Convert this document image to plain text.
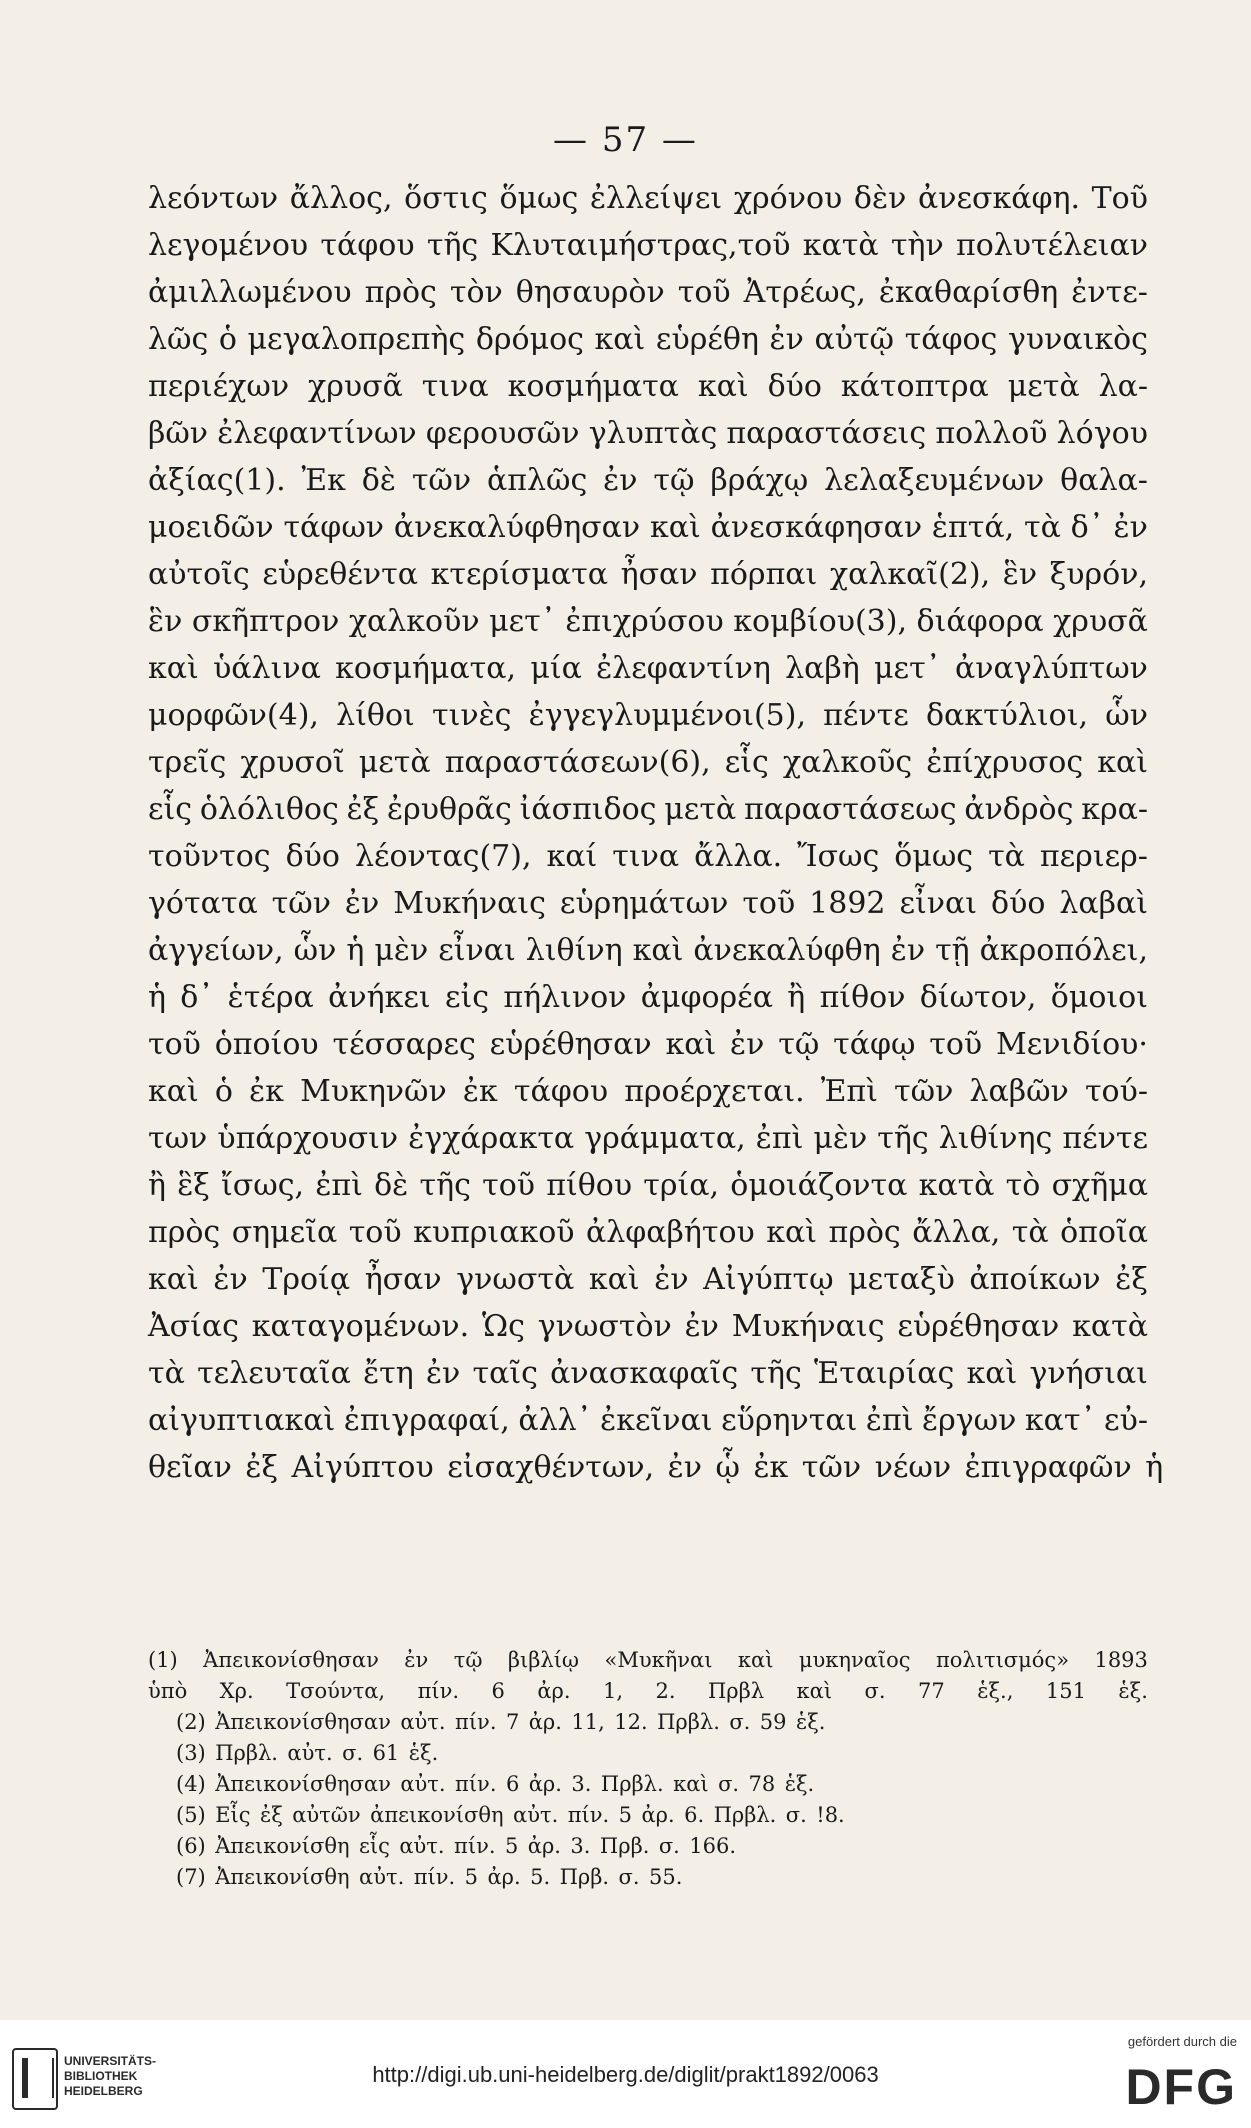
— 57 —
λεόντων ἄλλος, ὅστις ὅμως ἐλλείψει χρόνου δὲν ἀνεσκάφη. Τοῦ
λεγομένου τάφου τῆς Κλυταιμήστρας,τοῦ κατὰ τὴν πολυτέλειαν
ἀμιλλωμένου πρὸς τὸν θησαυρὸν τοῦ Ἀτρέως, ἐκαθαρίσθη ἐντε-
λῶς ὁ μεγαλοπρεπὴς δρόμος καὶ εὑρέθη ἐν αὐτῷ τάφος γυναικὸς
περιέχων χρυσᾶ τινα κοσμήματα καὶ δύο κάτοπτρα μετὰ λα-
βῶν ἐλεφαντίνων φερουσῶν γλυπτὰς παραστάσεις πολλοῦ λόγου
ἀξίας(1). Ἐκ δὲ τῶν ἁπλῶς ἐν τῷ βράχῳ λελαξευμένων θαλα-
μοειδῶν τάφων ἀνεκαλύφθησαν καὶ ἀνεσκάφησαν ἑπτά, τὰ δ᾽ ἐν
αὐτοῖς εὑρεθέντα κτερίσματα ἦσαν πόρπαι χαλκαῖ(2), ἓν ξυρόν,
ἓν σκῆπτρον χαλκοῦν μετ᾽ ἐπιχρύσου κομβίου(3), διάφορα χρυσᾶ
καὶ ὑάλινα κοσμήματα, μία ἐλεφαντίνη λαβὴ μετ᾽ ἀναγλύπτων
μορφῶν(4), λίθοι τινὲς ἐγγεγλυμμένοι(5), πέντε δακτύλιοι, ὧν
τρεῖς χρυσοῖ μετὰ παραστάσεων(6), εἷς χαλκοῦς ἐπίχρυσος καὶ
εἷς ὁλόλιθος ἐξ ἐρυθρᾶς ἰάσπιδος μετὰ παραστάσεως ἀνδρὸς κρα-
τοῦντος δύο λέοντας(7), καί τινα ἄλλα. Ἴσως ὅμως τὰ περιερ-
γότατα τῶν ἐν Μυκήναις εὑρημάτων τοῦ 1892 εἶναι δύο λαβαὶ
ἀγγείων, ὧν ἡ μὲν εἶναι λιθίνη καὶ ἀνεκαλύφθη ἐν τῇ ἀκροπόλει,
ἡ δ᾽ ἑτέρα ἀνήκει εἰς πήλινον ἀμφορέα ἢ πίθον δίωτον, ὅμοιοι
τοῦ ὁποίου τέσσαρες εὑρέθησαν καὶ ἐν τῷ τάφῳ τοῦ Μενιδίου·
καὶ ὁ ἐκ Μυκηνῶν ἐκ τάφου προέρχεται. Ἐπὶ τῶν λαβῶν τού-
των ὑπάρχουσιν ἐγχάρακτα γράμματα, ἐπὶ μὲν τῆς λιθίνης πέντε
ἢ ἓξ ἴσως, ἐπὶ δὲ τῆς τοῦ πίθου τρία, ὁμοιάζοντα κατὰ τὸ σχῆμα
πρὸς σημεῖα τοῦ κυπριακοῦ ἀλφαβήτου καὶ πρὸς ἄλλα, τὰ ὁποῖα
καὶ ἐν Τροίᾳ ἦσαν γνωστὰ καὶ ἐν Αἰγύπτῳ μεταξὺ ἀποίκων ἐξ
Ἀσίας καταγομένων. Ὡς γνωστὸν ἐν Μυκήναις εὑρέθησαν κατὰ
τὰ τελευταῖα ἔτη ἐν ταῖς ἀνασκαφαῖς τῆς Ἑταιρίας καὶ γνήσιαι
αἰγυπτιακαὶ ἐπιγραφαί, ἀλλ᾽ ἐκεῖναι εὕρηνται ἐπὶ ἔργων κατ᾽ εὐ-
θεῖαν ἐξ Αἰγύπτου εἰσαχθέντων, ἐν ᾧ ἐκ τῶν νέων ἐπιγραφῶν ἡ
(1) Ἀπεικονίσθησαν ἐν τῷ βιβλίῳ «Μυκῆναι καὶ μυκηναῖος πολιτισμός» 1893
ὑπὸ Χρ. Τσούντα, πίν. 6 ἀρ. 1, 2. Πρβλ καὶ σ. 77 ἑξ., 151 ἑξ.
(2) Ἀπεικονίσθησαν αὐτ. πίν. 7 ἀρ. 11, 12. Πρβλ. σ. 59 ἑξ.
(3) Πρβλ. αὐτ. σ. 61 ἑξ.
(4) Ἀπεικονίσθησαν αὐτ. πίν. 6 ἀρ. 3. Πρβλ. καὶ σ. 78 ἑξ.
(5) Εἷς ἐξ αὐτῶν ἀπεικονίσθη αὐτ. πίν. 5 ἀρ. 6. Πρβλ. σ. !8.
(6) Ἀπεικονίσθη εἷς αὐτ. πίν. 5 ἀρ. 3. Πρβ. σ. 166.
(7) Ἀπεικονίσθη αὐτ. πίν. 5 ἀρ. 5. Πρβ. σ. 55.
UNIVERSITÄTS-
BIBLIOTHEK
HEIDELBERG
http://digi.ub.uni-heidelberg.de/diglit/prakt1892/0063
gefördert durch die
DFG
